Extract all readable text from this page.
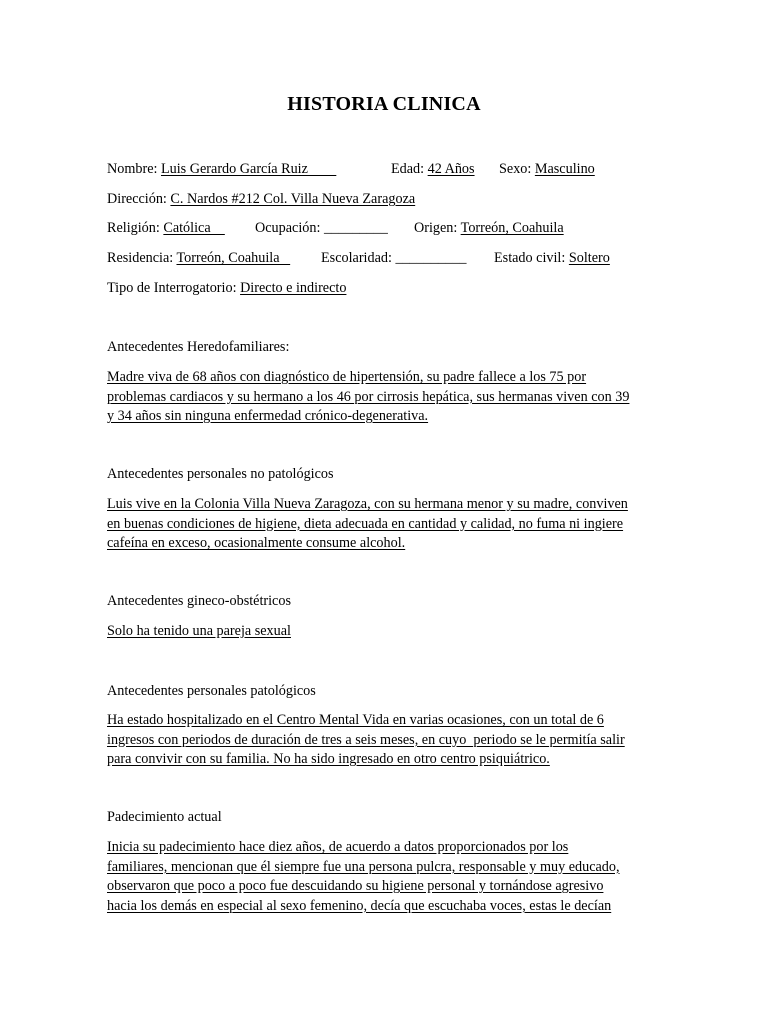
HISTORIA CLINICA
Nombre: Luis Gerardo García Ruiz	Edad: 42 Años Sexo: Masculino
Dirección: C. Nardos #212 Col. Villa Nueva Zaragoza
Religión: Católica Ocupación: _________ Origen: Torreón, Coahuila
Residencia: Torreón, Coahuila Escolaridad: __________ Estado civil: Soltero
Tipo de Interrogatorio: Directo e indirecto
Antecedentes Heredofamiliares:
Madre viva de 68 años con diagnóstico de hipertensión, su padre fallece a los 75 por
problemas cardiacos y su hermano a los 46 por cirrosis hepática, sus hermanas viven con 39
y 34 años sin ninguna enfermedad crónico-degenerativa.
Antecedentes personales no patológicos
Luis vive en la Colonia Villa Nueva Zaragoza, con su hermana menor y su madre, conviven
en buenas condiciones de higiene, dieta adecuada en cantidad y calidad, no fuma ni ingiere
cafeína en exceso, ocasionalmente consume alcohol.
Antecedentes gineco-obstétricos
Solo ha tenido una pareja sexual
Antecedentes personales patológicos
Ha estado hospitalizado en el Centro Mental Vida en varias ocasiones, con un total de 6
ingresos con periodos de duración de tres a seis meses, en cuyo  periodo se le permitía salir
para convivir con su familia. No ha sido ingresado en otro centro psiquiátrico.
Padecimiento actual
Inicia su padecimiento hace diez años, de acuerdo a datos proporcionados por los
familiares, mencionan que él siempre fue una persona pulcra, responsable y muy educado,
observaron que poco a poco fue descuidando su higiene personal y tornándose agresivo
hacia los demás en especial al sexo femenino, decía que escuchaba voces, estas le decían
